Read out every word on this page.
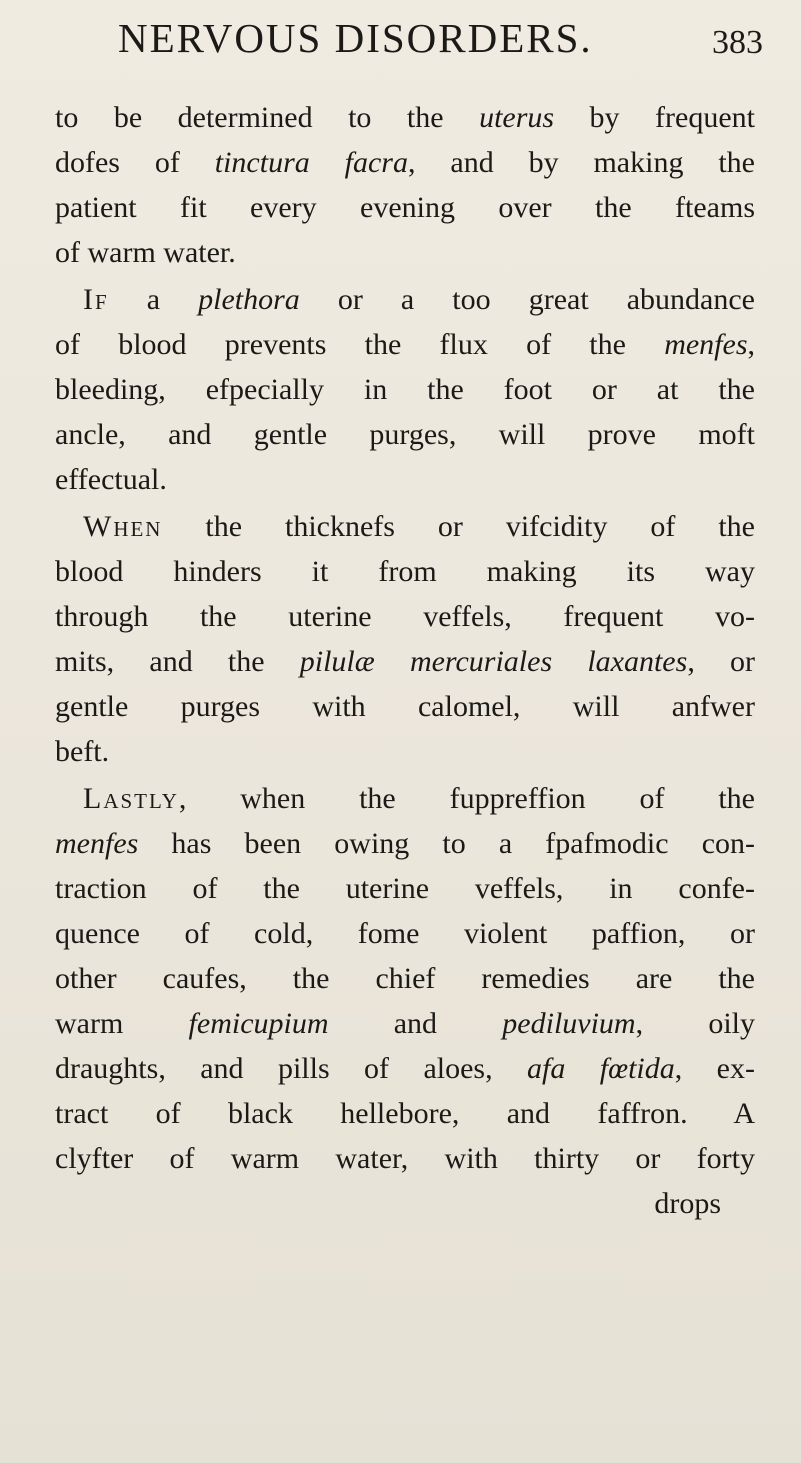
NERVOUS DISORDERS.	383
to be determined to the uterus by frequent
dofes of tinctura facra, and by making the
patient fit every evening over the fteams
of warm water.
If a plethora or a too great abundance
of blood prevents the flux of the menfes,
bleeding, efpecially in the foot or at the
ancle, and gentle purges, will prove moft
effectual.
When the thicknefs or vifcidity of the
blood hinders it from making its way
through the uterine veffels, frequent vo-
mits, and the pilulæ mercuriales laxantes, or
gentle purges with calomel, will anfwer
beft.
Lastly, when the fuppreffion of the
menfes has been owing to a fpafmodic con-
traction of the uterine veffels, in confe-
quence of cold, fome violent paffion, or
other caufes, the chief remedies are the
warm femicupium and pediluvium, oily
draughts, and pills of aloes, afa fœtida, ex-
tract of black hellebore, and faffron. A
clyfter of warm water, with thirty or forty
drops
